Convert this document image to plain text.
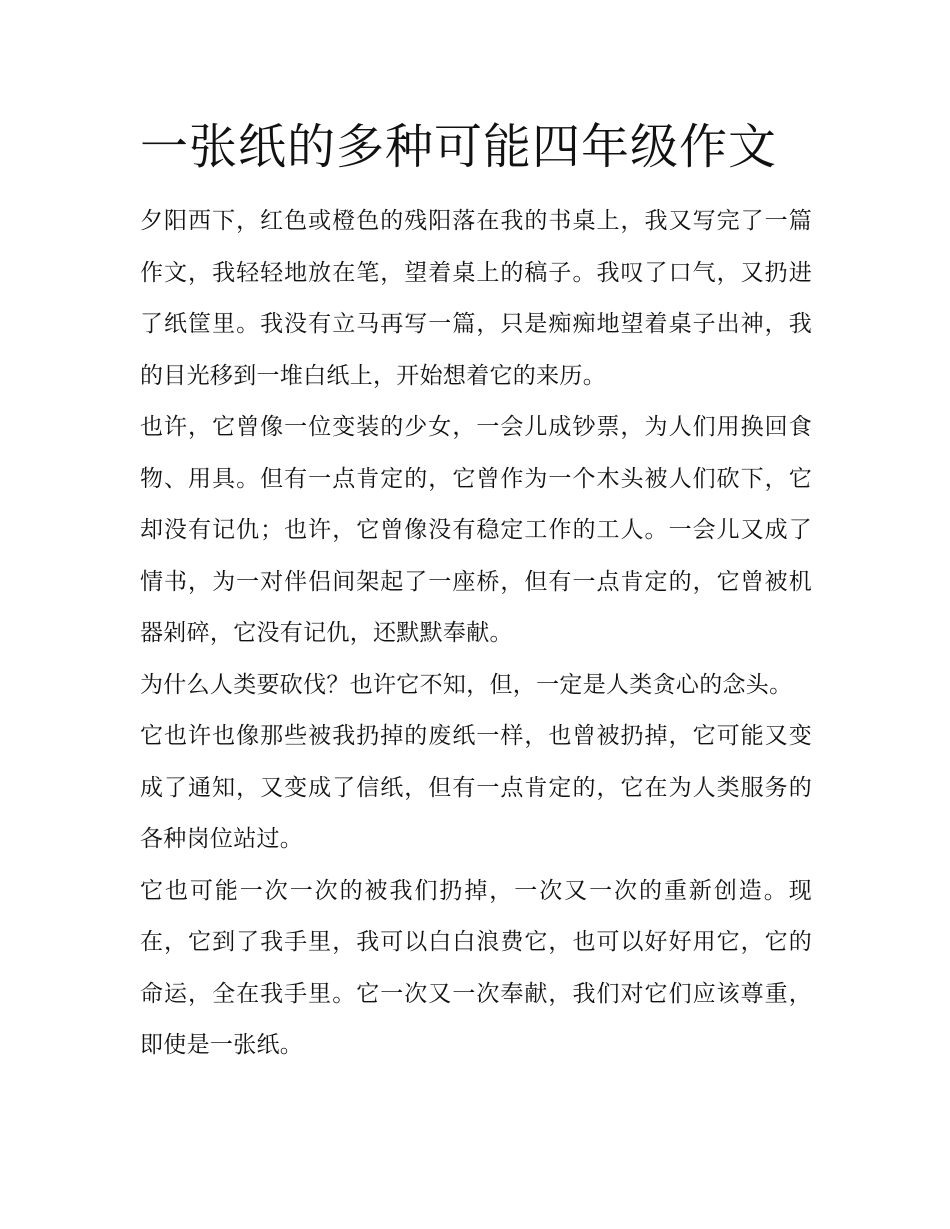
一张纸的多种可能四年级作文

夕阳西下，红色或橙色的残阳落在我的书桌上，我又写完了一篇作文，我轻轻地放在笔，望着桌上的稿子。我叹了口气，又扔进了纸筐里。我没有立马再写一篇，只是痴痴地望着桌子出神，我的目光移到一堆白纸上，开始想着它的来历。

也许，它曾像一位变装的少女，一会儿成钞票，为人们用换回食物、用具。但有一点肯定的，它曾作为一个木头被人们砍下，它却没有记仇；也许，它曾像没有稳定工作的工人。一会儿又成了情书，为一对伴侣间架起了一座桥，但有一点肯定的，它曾被机器剁碎，它没有记仇，还默默奉献。

为什么人类要砍伐？也许它不知，但，一定是人类贪心的念头。

它也许也像那些被我扔掉的废纸一样，也曾被扔掉，它可能又变成了通知，又变成了信纸，但有一点肯定的，它在为人类服务的各种岗位站过。

它也可能一次一次的被我们扔掉，一次又一次的重新创造。现在，它到了我手里，我可以白白浪费它，也可以好好用它，它的命运，全在我手里。它一次又一次奉献，我们对它们应该尊重，即使是一张纸。
